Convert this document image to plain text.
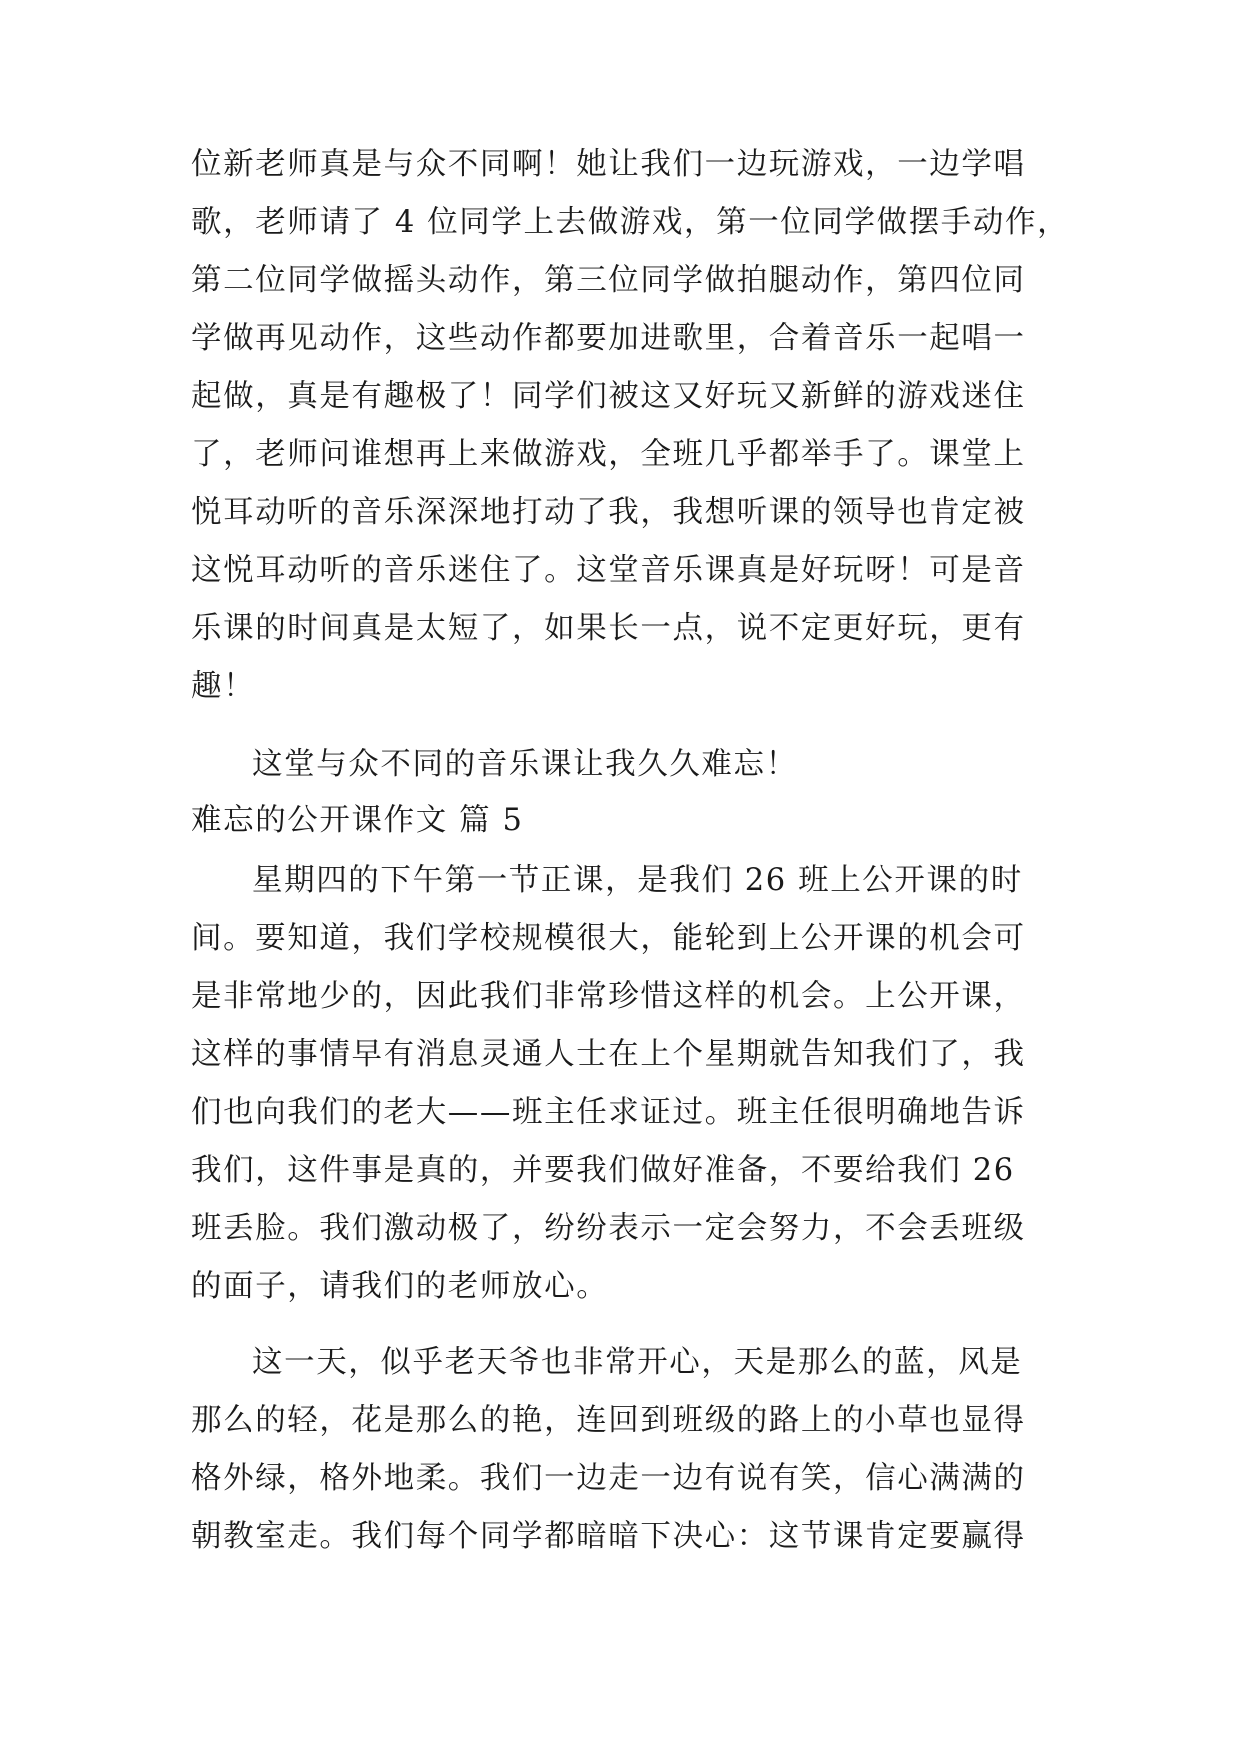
位新老师真是与众不同啊！她让我们一边玩游戏，一边学唱
歌，老师请了 4 位同学上去做游戏，第一位同学做摆手动作，
第二位同学做摇头动作，第三位同学做拍腿动作，第四位同
学做再见动作，这些动作都要加进歌里，合着音乐一起唱一
起做，真是有趣极了！同学们被这又好玩又新鲜的游戏迷住
了，老师问谁想再上来做游戏，全班几乎都举手了。课堂上
悦耳动听的音乐深深地打动了我，我想听课的领导也肯定被
这悦耳动听的音乐迷住了。这堂音乐课真是好玩呀！可是音
乐课的时间真是太短了，如果长一点，说不定更好玩，更有
趣！
这堂与众不同的音乐课让我久久难忘！
难忘的公开课作文 篇 5
星期四的下午第一节正课，是我们 26 班上公开课的时
间。要知道，我们学校规模很大，能轮到上公开课的机会可
是非常地少的，因此我们非常珍惜这样的机会。上公开课，
这样的事情早有消息灵通人士在上个星期就告知我们了，我
们也向我们的老大——班主任求证过。班主任很明确地告诉
我们，这件事是真的，并要我们做好准备，不要给我们 26
班丢脸。我们激动极了，纷纷表示一定会努力，不会丢班级
的面子，请我们的老师放心。
这一天，似乎老天爷也非常开心，天是那么的蓝，风是
那么的轻，花是那么的艳，连回到班级的路上的小草也显得
格外绿，格外地柔。我们一边走一边有说有笑，信心满满的
朝教室走。我们每个同学都暗暗下决心：这节课肯定要赢得
